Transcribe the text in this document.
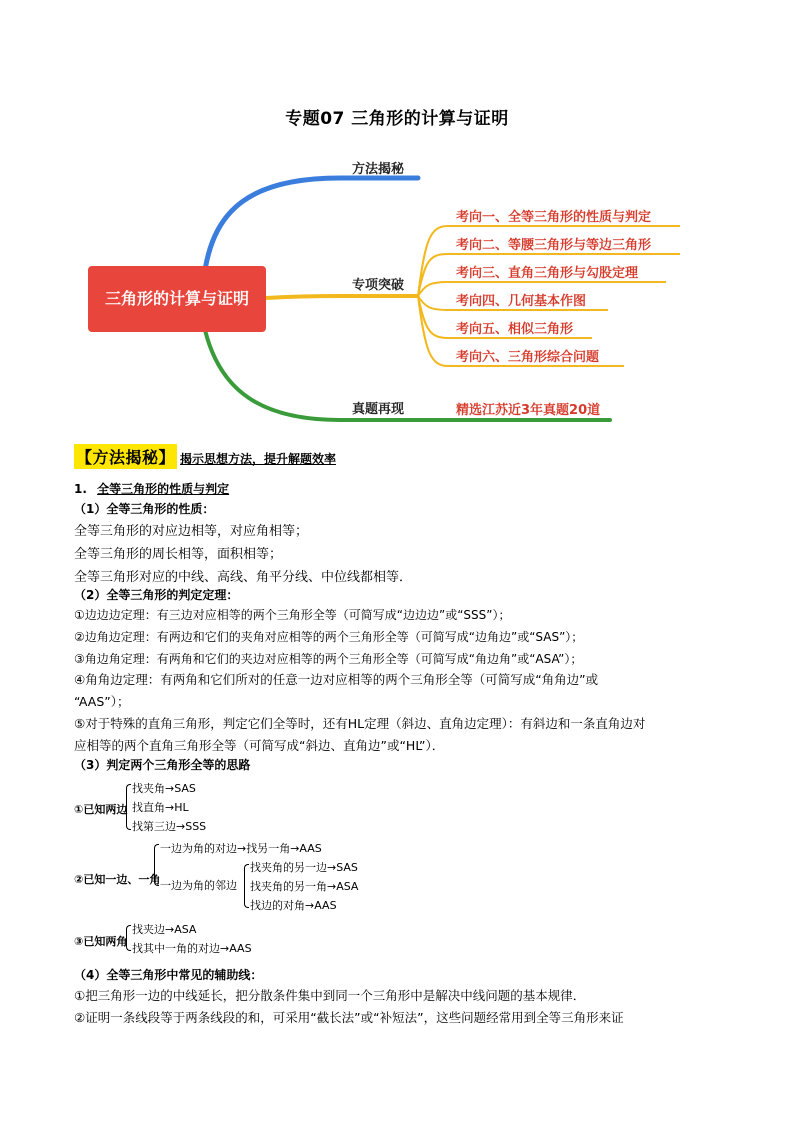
专题07 三角形的计算与证明
三角形的计算与证明
方法揭秘
专项突破
真题再现
考向一、全等三角形的性质与判定
考向二、等腰三角形与等边三角形
考向三、直角三角形与勾股定理
考向四、几何基本作图
考向五、相似三角形
考向六、三角形综合问题
精选江苏近3年真题20道
【方法揭秘】 揭示思想方法，提升解题效率
1. 全等三角形的性质与判定
（1）全等三角形的性质：
全等三角形的对应边相等，对应角相等；
全等三角形的周长相等，面积相等；
全等三角形对应的中线、高线、角平分线、中位线都相等．
（2）全等三角形的判定定理：
①边边边定理：有三边对应相等的两个三角形全等（可简写成“边边边”或“SSS”）；
②边角边定理：有两边和它们的夹角对应相等的两个三角形全等（可简写成“边角边”或“SAS”）；
③角边角定理：有两角和它们的夹边对应相等的两个三角形全等（可简写成“角边角”或“ASA”）；
④角角边定理：有两角和它们所对的任意一边对应相等的两个三角形全等（可简写成“角角边”或
“AAS”）；
⑤对于特殊的直角三角形，判定它们全等时，还有HL定理（斜边、直角边定理）：有斜边和一条直角边对
应相等的两个直角三角形全等（可简写成“斜边、直角边”或“HL”）．
（3）判定两个三角形全等的思路
①已知两边
找夹角→SAS
找直角→HL
找第三边→SSS
②已知一边、一角
一边为角的对边→找另一角→AAS
一边为角的邻边
找夹角的另一边→SAS
找夹角的另一角→ASA
找边的对角→AAS
③已知两角
找夹边→ASA
找其中一角的对边→AAS
（4）全等三角形中常见的辅助线：
①把三角形一边的中线延长，把分散条件集中到同一个三角形中是解决中线问题的基本规律．
②证明一条线段等于两条线段的和，可采用“截长法”或“补短法”，这些问题经常用到全等三角形来证
